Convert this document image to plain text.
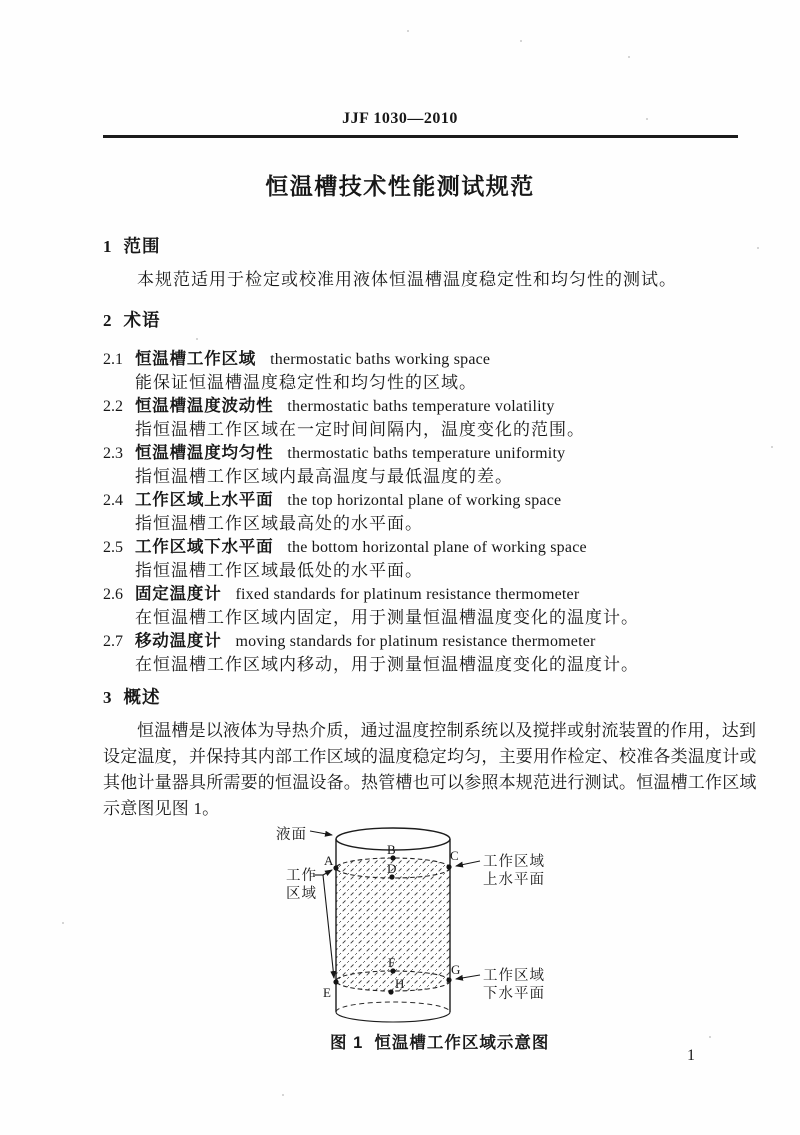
JJF 1030—2010
恒温槽技术性能测试规范
1 范围
本规范适用于检定或校准用液体恒温槽温度稳定性和均匀性的测试。
2 术语
2.1 恒温槽工作区域 thermostatic baths working space
能保证恒温槽温度稳定性和均匀性的区域。
2.2 恒温槽温度波动性 thermostatic baths temperature volatility
指恒温槽工作区域在一定时间间隔内，温度变化的范围。
2.3 恒温槽温度均匀性 thermostatic baths temperature uniformity
指恒温槽工作区域内最高温度与最低温度的差。
2.4 工作区域上水平面 the top horizontal plane of working space
指恒温槽工作区域最高处的水平面。
2.5 工作区域下水平面 the bottom horizontal plane of working space
指恒温槽工作区域最低处的水平面。
2.6 固定温度计 fixed standards for platinum resistance thermometer
在恒温槽工作区域内固定，用于测量恒温槽温度变化的温度计。
2.7 移动温度计 moving standards for platinum resistance thermometer
在恒温槽工作区域内移动，用于测量恒温槽温度变化的温度计。
3 概述
恒温槽是以液体为导热介质，通过温度控制系统以及搅拌或射流装置的作用，达到
设定温度，并保持其内部工作区域的温度稳定均匀，主要用作检定、校准各类温度计或
其他计量器具所需要的恒温设备。热管槽也可以参照本规范进行测试。恒温槽工作区域
示意图见图 1。
A
B	C
D
E
F	G
H
液面
工作
区域
工作区域
上水平面
工作区域
下水平面
图 1  恒温槽工作区域示意图
1
